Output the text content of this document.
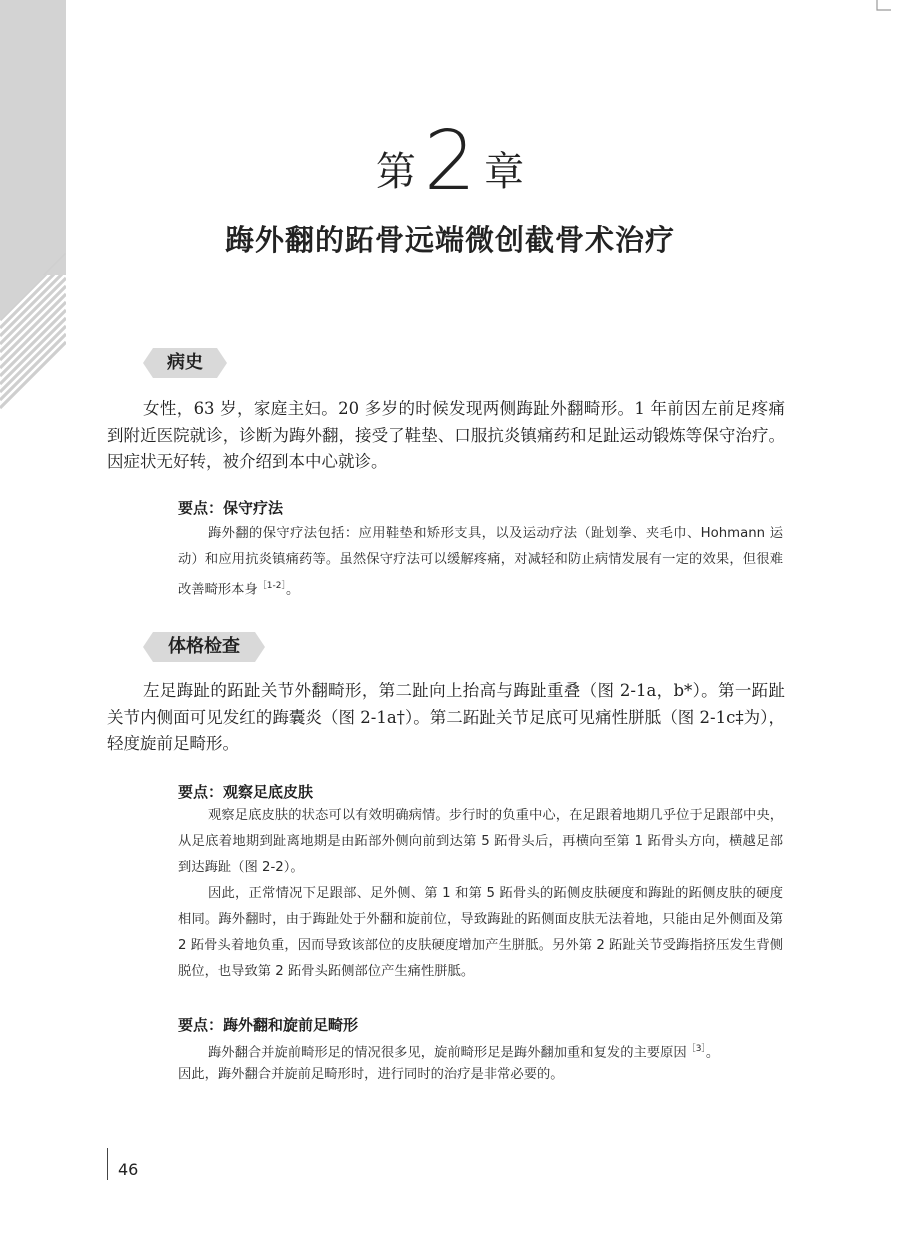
第2 章
踇外翻的跖骨远端微创截骨术治疗
病史

女性，63 岁，家庭主妇。20 多岁的时候发现两侧踇趾外翻畸形。1 年前因左前足疼痛到附近医院就诊，诊断为踇外翻，接受了鞋垫、口服抗炎镇痛药和足趾运动锻炼等保守治疗。因症状无好转，被介绍到本中心就诊。

要点：保守疗法

踇外翻的保守疗法包括：应用鞋垫和矫形支具，以及运动疗法（趾划拳、夹毛巾、Hohmann 运动）和应用抗炎镇痛药等。虽然保守疗法可以缓解疼痛，对减轻和防止病情发展有一定的效果，但很难改善畸形本身$^{[1-2]}$。

体格检查

左足踇趾的跖趾关节外翻畸形，第二趾向上抬高与踇趾重叠（图 2-1a，b*）。第一跖趾关节内侧面可见发红的踇囊炎（图 2-1a†）。第二跖趾关节足底可见痛性胼胝（图 2-1c‡为），轻度旋前足畸形。

要点：观察足底皮肤

观察足底皮肤的状态可以有效明确病情。步行时的负重中心，在足跟着地期几乎位于足跟部中央，从足底着地期到趾离地期是由跖部外侧向前到达第 5 跖骨头后，再横向至第 1 跖骨头方向，横越足部到达踇趾（图 2-2）。

因此，正常情况下足跟部、足外侧、第 1 和第 5 跖骨头的跖侧皮肤硬度和踇趾的跖侧皮肤的硬度相同。踇外翻时，由于踇趾处于外翻和旋前位，导致踇趾的跖侧面皮肤无法着地，只能由足外侧面及第 2 跖骨头着地负重，因而导致该部位的皮肤硬度增加产生胼胝。另外第 2 跖趾关节受踇指挤压发生背侧脱位，也导致第 2 跖骨头跖侧部位产生痛性胼胝。

要点：踇外翻和旋前足畸形

踇外翻合并旋前畸形足的情况很多见，旋前畸形足是踇外翻加重和复发的主要原因$^{[3]}$。

因此，踇外翻合并旋前足畸形时，进行同时的治疗是非常必要的。

46
